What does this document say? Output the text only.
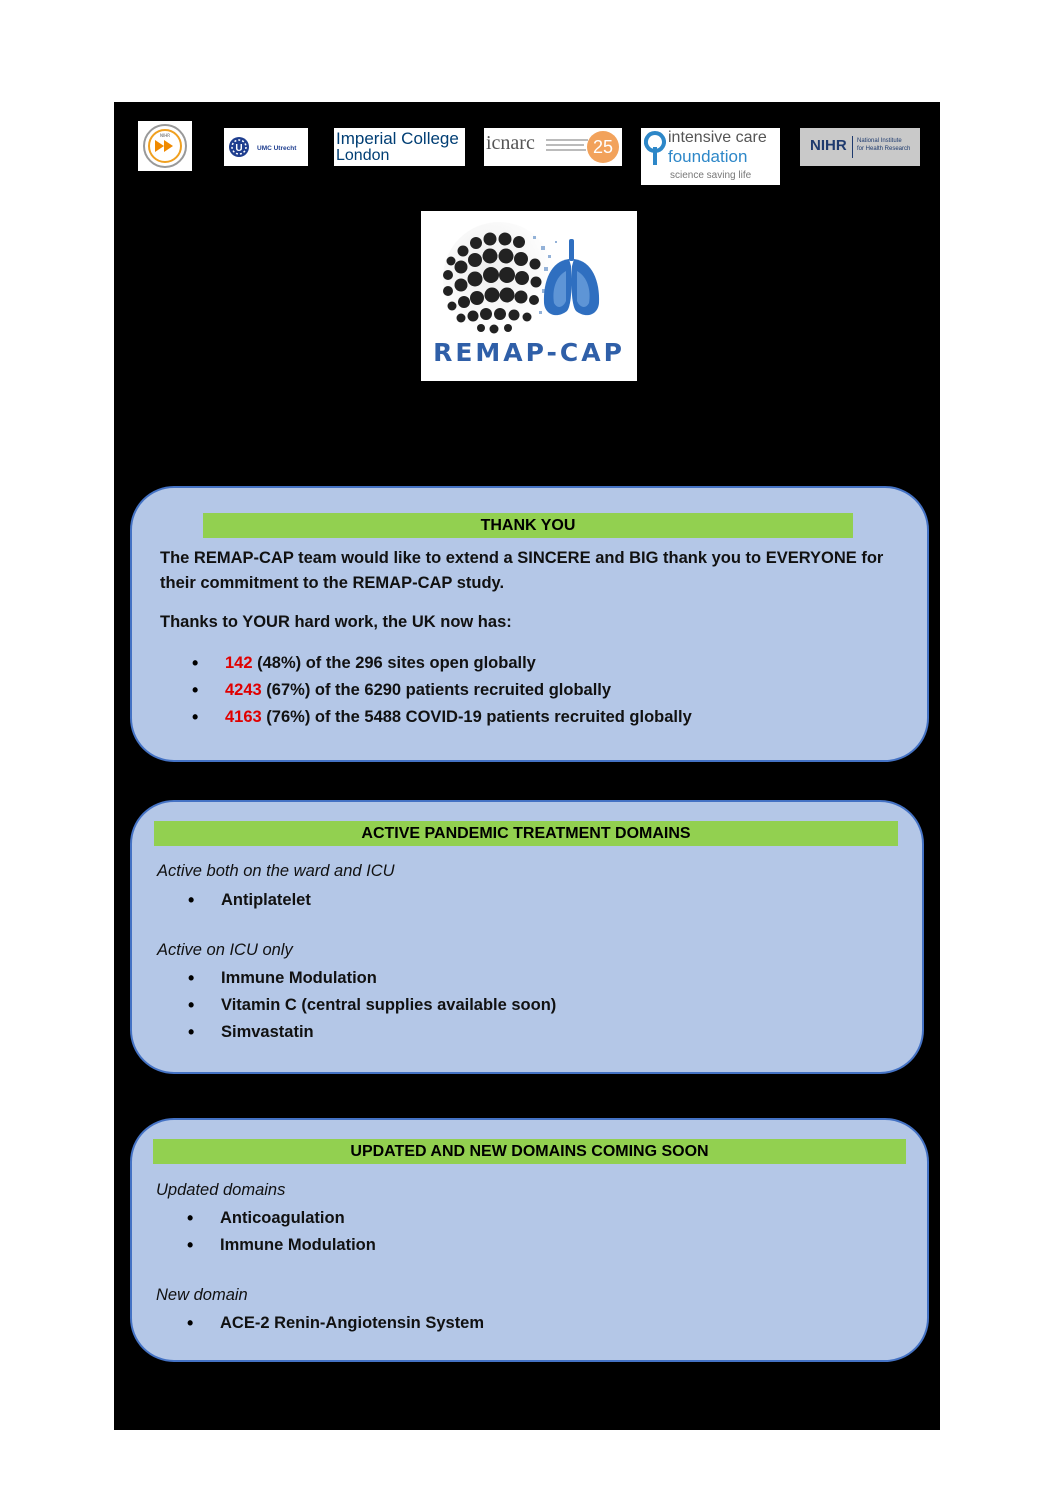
NIHR
U UMC Utrecht
Imperial College
London
icnarc	25	intensive care
foundation
science saving life
NIHR National Institute
for Health Research
REMAP-CAP
THANK YOU
The REMAP-CAP team would like to extend a SINCERE and BIG thank you to EVERYONE for their commitment to the REMAP-CAP study.
Thanks to YOUR hard work, the UK now has:
• 142 (48%) of the 296 sites open globally
• 4243 (67%) of the 6290 patients recruited globally
• 4163 (76%) of the 5488 COVID-19 patients recruited globally
ACTIVE PANDEMIC TREATMENT DOMAINS
Active both on the ward and ICU
• Antiplatelet
Active on ICU only
• Immune Modulation
• Vitamin C (central supplies available soon)
• Simvastatin
UPDATED AND NEW DOMAINS COMING SOON
Updated domains
• Anticoagulation
• Immune Modulation
New domain
• ACE-2 Renin-Angiotensin System
